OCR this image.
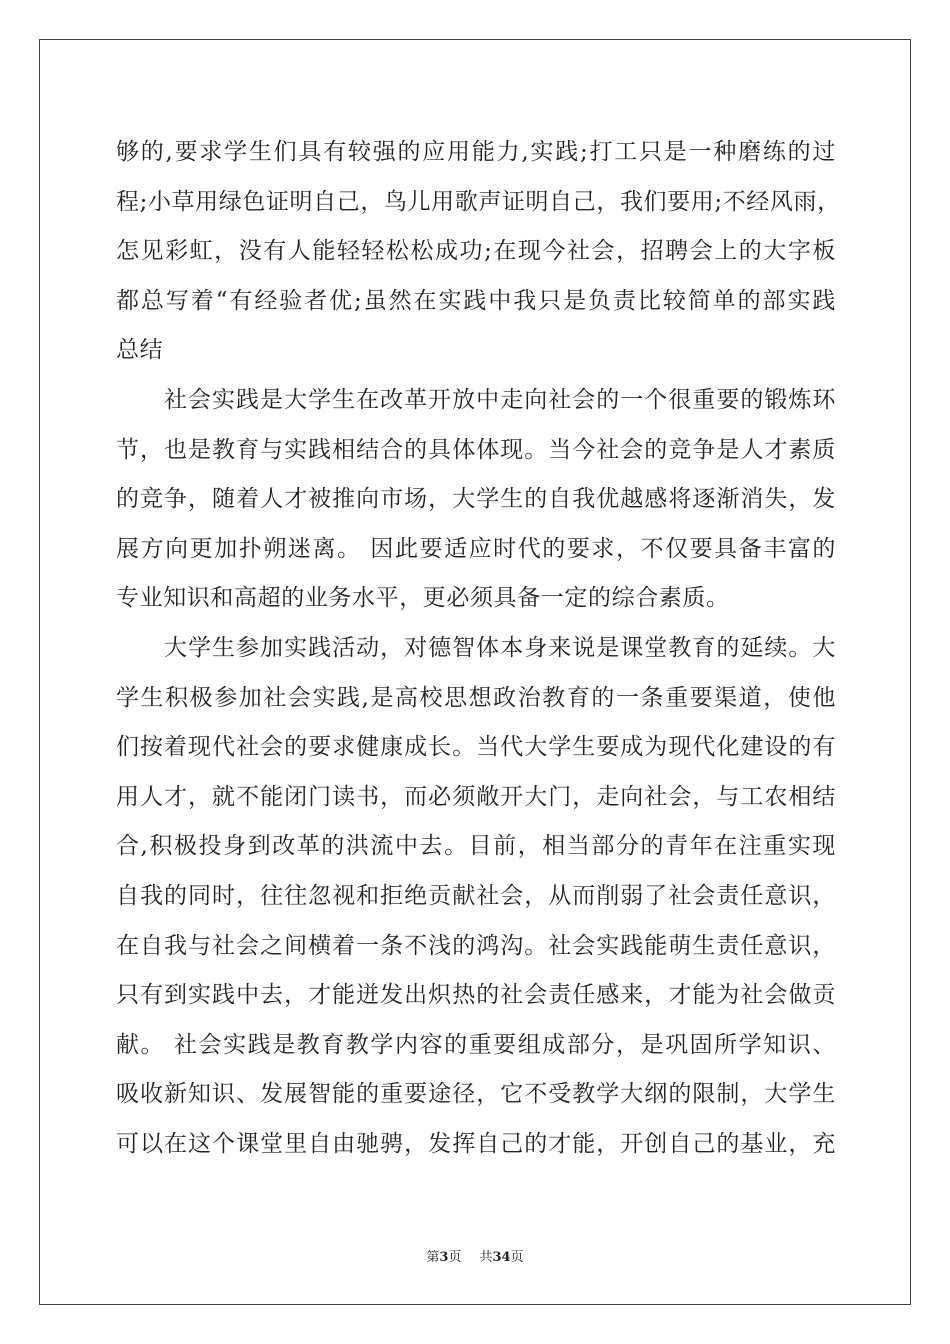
够的,要求学生们具有较强的应用能力,实践;打工只是一种磨练的过
程;小草用绿色证明自己，鸟儿用歌声证明自己，我们要用;不经风雨，
怎见彩虹，没有人能轻轻松松成功;在现今社会，招聘会上的大字板
都总写着“有经验者优;虽然在实践中我只是负责比较简单的部实践
总结
社会实践是大学生在改革开放中走向社会的一个很重要的锻炼环
节，也是教育与实践相结合的具体体现。当今社会的竞争是人才素质
的竞争，随着人才被推向市场，大学生的自我优越感将逐渐消失，发
展方向更加扑朔迷离。 因此要适应时代的要求，不仅要具备丰富的
专业知识和高超的业务水平，更必须具备一定的综合素质。
大学生参加实践活动，对德智体本身来说是课堂教育的延续。大
学生积极参加社会实践,是高校思想政治教育的一条重要渠道，使他
们按着现代社会的要求健康成长。当代大学生要成为现代化建设的有
用人才，就不能闭门读书，而必须敞开大门，走向社会，与工农相结
合,积极投身到改革的洪流中去。目前，相当部分的青年在注重实现
自我的同时，往往忽视和拒绝贡献社会，从而削弱了社会责任意识，
在自我与社会之间横着一条不浅的鸿沟。社会实践能萌生责任意识，
只有到实践中去，才能迸发出炽热的社会责任感来，才能为社会做贡
献。 社会实践是教育教学内容的重要组成部分，是巩固所学知识、
吸收新知识、发展智能的重要途径，它不受教学大纲的限制，大学生
可以在这个课堂里自由驰骋，发挥自己的才能，开创自己的基业，充
第3页 共34页
